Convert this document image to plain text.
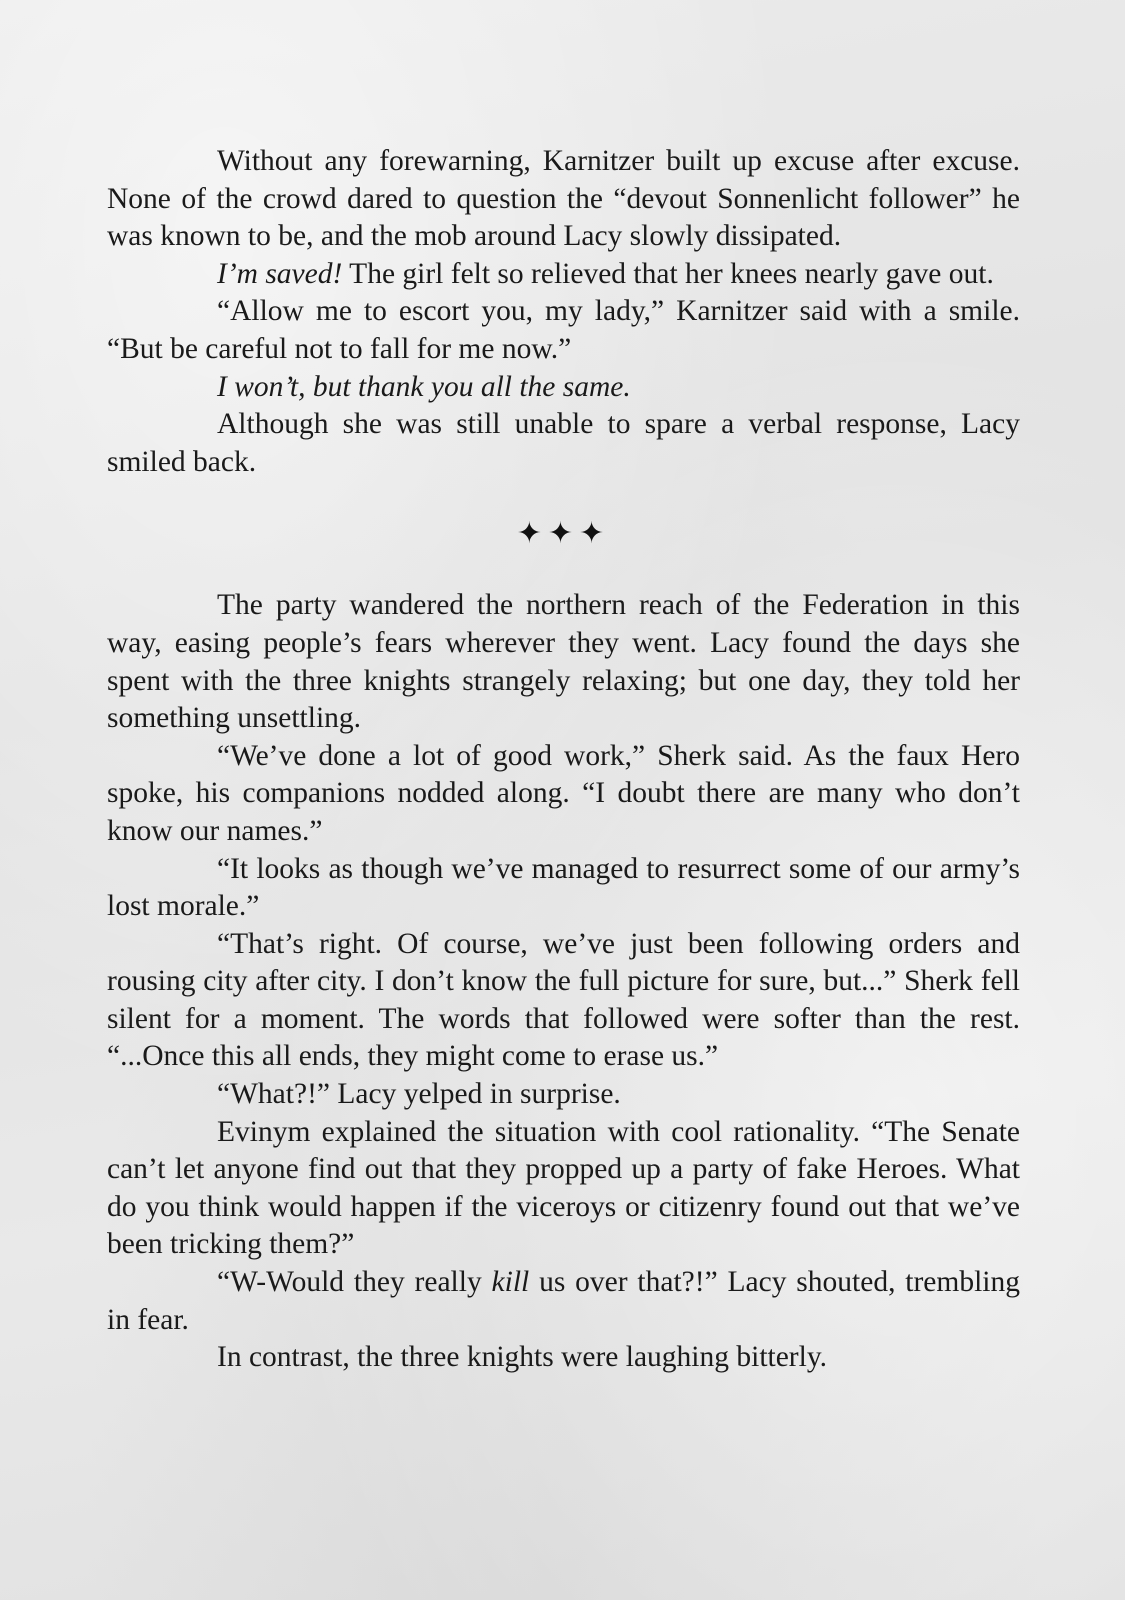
Without any forewarning, Karnitzer built up excuse after excuse. None of the crowd dared to question the “devout Sonnenlicht follower” he was known to be, and the mob around Lacy slowly dissipated.

I’m saved! The girl felt so relieved that her knees nearly gave out.

“Allow me to escort you, my lady,” Karnitzer said with a smile. “But be careful not to fall for me now.”

I won’t, but thank you all the same.

Although she was still unable to spare a verbal response, Lacy smiled back.

✦✦✦

The party wandered the northern reach of the Federation in this way, easing people’s fears wherever they went. Lacy found the days she spent with the three knights strangely relaxing; but one day, they told her something unsettling.

“We’ve done a lot of good work,” Sherk said. As the faux Hero spoke, his companions nodded along. “I doubt there are many who don’t know our names.”

“It looks as though we’ve managed to resurrect some of our army’s lost morale.”

“That’s right. Of course, we’ve just been following orders and rousing city after city. I don’t know the full picture for sure, but...” Sherk fell silent for a moment. The words that followed were softer than the rest. “...Once this all ends, they might come to erase us.”

“What?!” Lacy yelped in surprise.

Evinym explained the situation with cool rationality. “The Senate can’t let anyone find out that they propped up a party of fake Heroes. What do you think would happen if the viceroys or citizenry found out that we’ve been tricking them?”

“W-Would they really kill us over that?!” Lacy shouted, trembling in fear.

In contrast, the three knights were laughing bitterly.
